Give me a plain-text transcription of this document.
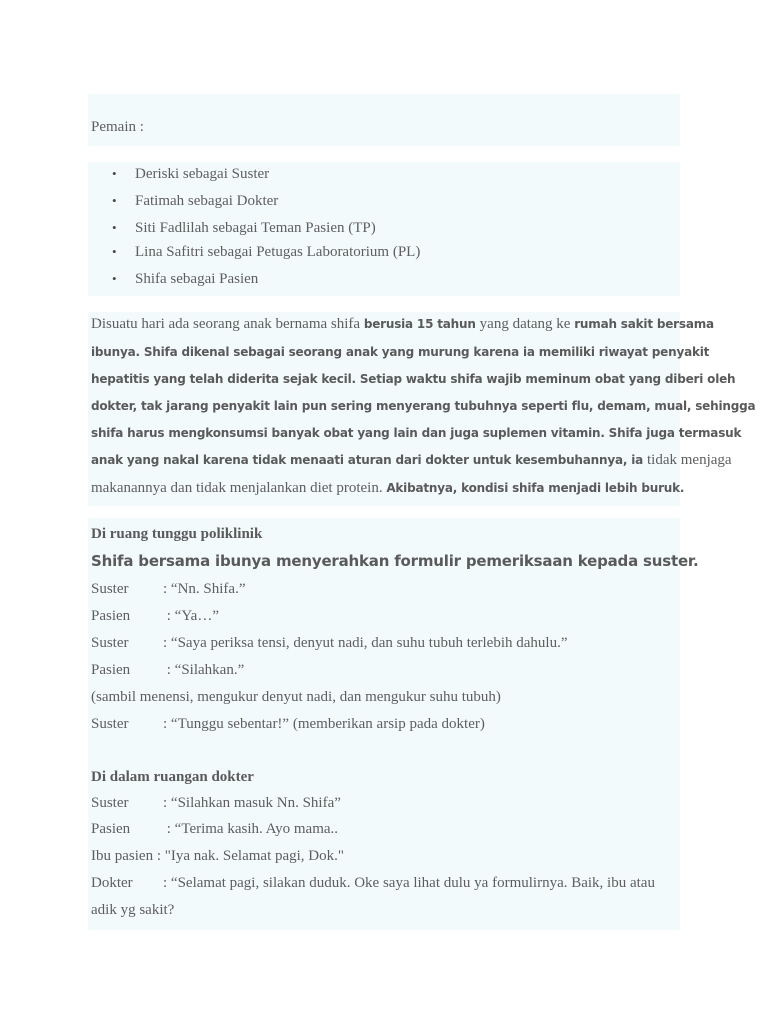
Pemain :
• Deriski sebagai Suster
• Fatimah sebagai Dokter
• Siti Fadlilah sebagai Teman Pasien (TP)
• Lina Safitri sebagai Petugas Laboratorium (PL)
• Shifa sebagai Pasien
Disuatu hari ada seorang anak bernama shifa berusia 15 tahun yang datang ke rumah sakit bersama
ibunya. Shifa dikenal sebagai seorang anak yang murung karena ia memiliki riwayat penyakit
hepatitis yang telah diderita sejak kecil. Setiap waktu shifa wajib meminum obat yang diberi oleh
dokter, tak jarang penyakit lain pun sering menyerang tubuhnya seperti flu, demam, mual, sehingga
shifa harus mengkonsumsi banyak obat yang lain dan juga suplemen vitamin. Shifa juga termasuk
anak yang nakal karena tidak menaati aturan dari dokter untuk kesembuhannya, ia tidak menjaga
makanannya dan tidak menjalankan diet protein. Akibatnya, kondisi shifa menjadi lebih buruk.
Di ruang tunggu poliklinik
Shifa bersama ibunya menyerahkan formulir pemeriksaan kepada suster.
Suster : “Nn. Shifa.”
Pasien : “Ya…”
Suster : “Saya periksa tensi, denyut nadi, dan suhu tubuh terlebih dahulu.”
Pasien : “Silahkan.”
(sambil menensi, mengukur denyut nadi, dan mengukur suhu tubuh)
Suster : “Tunggu sebentar!” (memberikan arsip pada dokter)
Di dalam ruangan dokter
Suster : “Silahkan masuk Nn. Shifa”
Pasien : “Terima kasih. Ayo mama..
Ibu pasien : "Iya nak. Selamat pagi, Dok."
Dokter : “Selamat pagi, silakan duduk. Oke saya lihat dulu ya formulirnya. Baik, ibu atau
adik yg sakit?
